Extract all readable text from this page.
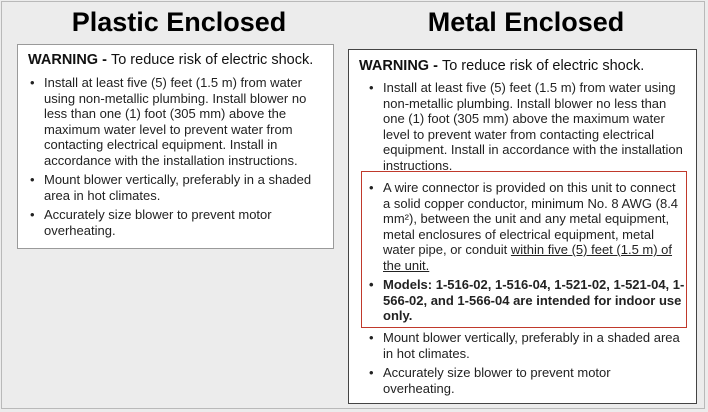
Plastic Enclosed	Metal Enclosed
WARNING - To reduce risk of electric shock.
• Install at least five (5) feet (1.5 m) from water using non-metallic plumbing. Install blower no less than one (1) foot (305 mm) above the maximum water level to prevent water from contacting electrical equipment. Install in accordance with the installation instructions.
• Mount blower vertically, preferably in a shaded area in hot climates.
• Accurately size blower to prevent motor overheating.
WARNING - To reduce risk of electric shock.
• Install at least five (5) feet (1.5 m) from water using non-metallic plumbing. Install blower no less than one (1) foot (305 mm) above the maximum water level to prevent water from contacting electrical equipment. Install in accordance with the installation instructions.
• A wire connector is provided on this unit to connect a solid copper conductor, minimum No. 8 AWG (8.4 mm²), between the unit and any metal equipment, metal enclosures of electrical equipment, metal water pipe, or conduit within five (5) feet (1.5 m) of the unit.
• Models: 1-516-02, 1-516-04, 1-521-02, 1-521-04, 1-566-02, and 1-566-04 are intended for indoor use only.
• Mount blower vertically, preferably in a shaded area in hot climates.
• Accurately size blower to prevent motor overheating.
